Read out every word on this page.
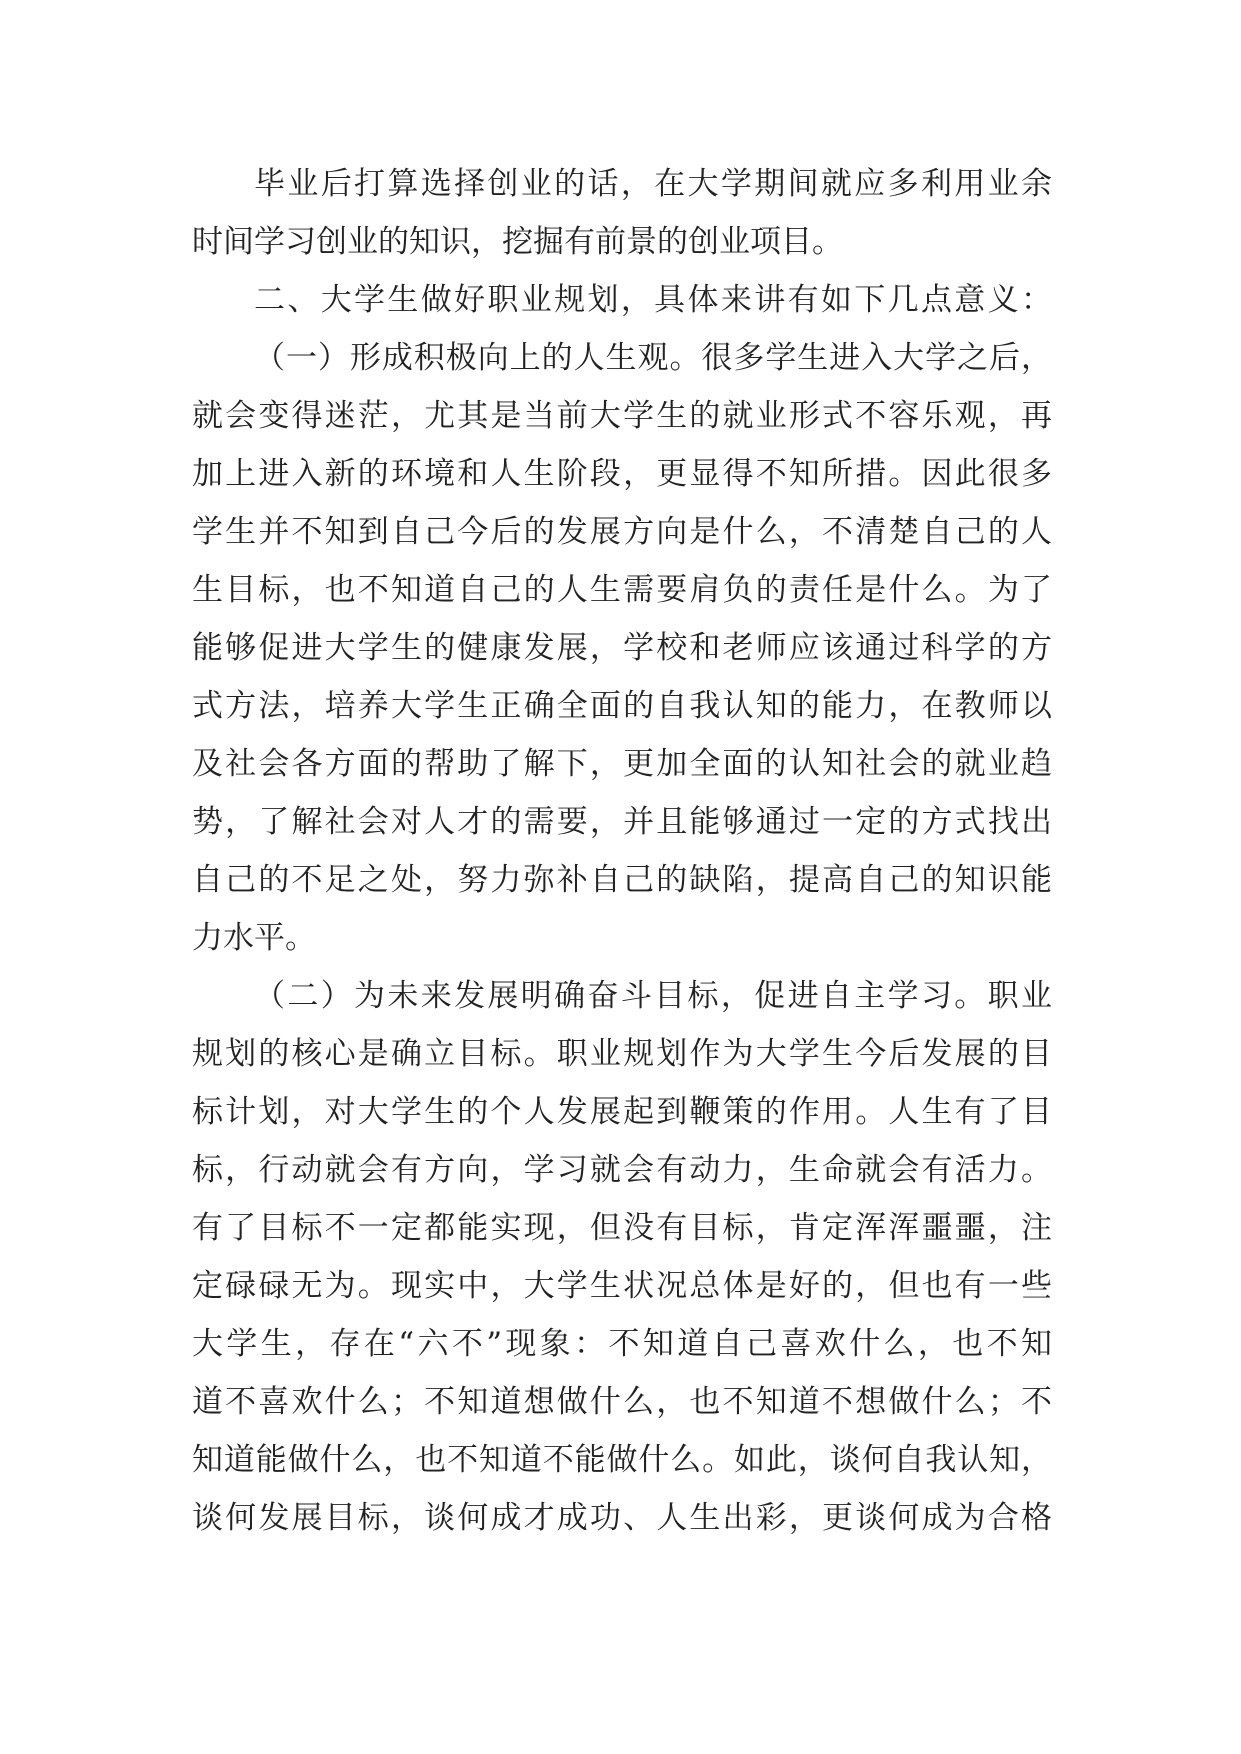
毕业后打算选择创业的话，在大学期间就应多利用业余
时间学习创业的知识，挖掘有前景的创业项目。
二、大学生做好职业规划，具体来讲有如下几点意义：
（一）形成积极向上的人生观。很多学生进入大学之后，
就会变得迷茫，尤其是当前大学生的就业形式不容乐观，再
加上进入新的环境和人生阶段，更显得不知所措。因此很多
学生并不知到自己今后的发展方向是什么，不清楚自己的人
生目标，也不知道自己的人生需要肩负的责任是什么。为了
能够促进大学生的健康发展，学校和老师应该通过科学的方
式方法，培养大学生正确全面的自我认知的能力，在教师以
及社会各方面的帮助了解下，更加全面的认知社会的就业趋
势，了解社会对人才的需要，并且能够通过一定的方式找出
自己的不足之处，努力弥补自己的缺陷，提高自己的知识能
力水平。
（二）为未来发展明确奋斗目标，促进自主学习。职业
规划的核心是确立目标。职业规划作为大学生今后发展的目
标计划，对大学生的个人发展起到鞭策的作用。人生有了目
标，行动就会有方向，学习就会有动力，生命就会有活力。
有了目标不一定都能实现，但没有目标，肯定浑浑噩噩，注
定碌碌无为。现实中，大学生状况总体是好的，但也有一些
大学生，存在“六不”现象：不知道自己喜欢什么，也不知
道不喜欢什么；不知道想做什么，也不知道不想做什么；不
知道能做什么，也不知道不能做什么。如此，谈何自我认知，
谈何发展目标，谈何成才成功、人生出彩，更谈何成为合格
